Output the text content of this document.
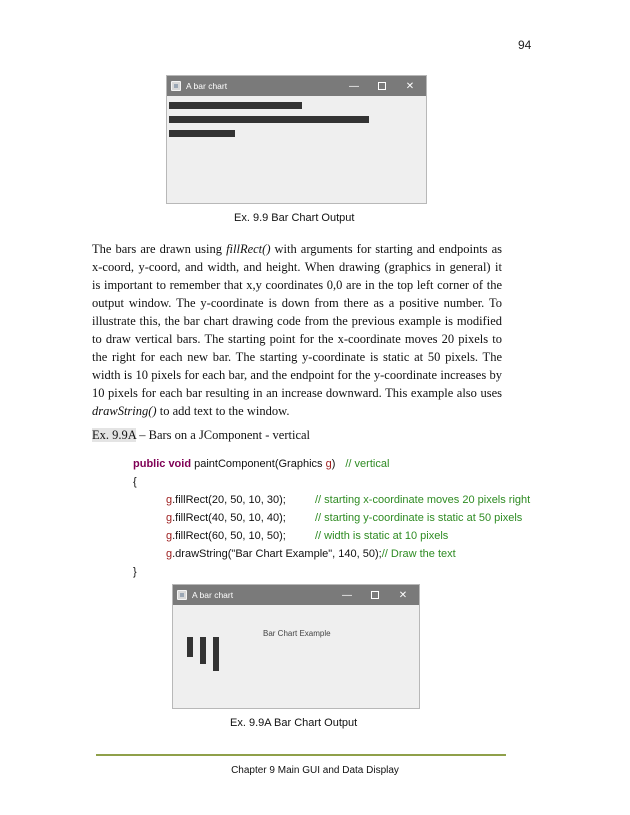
94
A bar chart	—	✕
Ex. 9.9 Bar Chart Output
The bars are drawn using fillRect() with arguments for starting and endpoints as
x-coord, y-coord, and width, and height. When drawing (graphics in general) it
is important to remember that x,y coordinates 0,0 are in the top left corner of the
output window. The y-coordinate is down from there as a positive number. To
illustrate this, the bar chart drawing code from the previous example is modified
to draw vertical bars. The starting point for the x-coordinate moves 20 pixels to
the right for each new bar. The starting y-coordinate is static at 50 pixels. The
width is 10 pixels for each bar, and the endpoint for the y-coordinate increases by
10 pixels for each bar resulting in an increase downward. This example also uses
drawString() to add text to the window.
Ex. 9.9A – Bars on a JComponent - vertical
public void paintComponent(Graphics g) // vertical
{
g.fillRect(20, 50, 10, 30);	// starting x-coordinate moves 20 pixels right
g.fillRect(40, 50, 10, 40);	// starting y-coordinate is static at 50 pixels
g.fillRect(60, 50, 10, 50);	// width is static at 10 pixels
g.drawString("Bar Chart Example", 140, 50);// Draw the text
}
A bar chart	—	✕
Bar Chart Example
Ex. 9.9A Bar Chart Output
Chapter 9 Main GUI and Data Display
